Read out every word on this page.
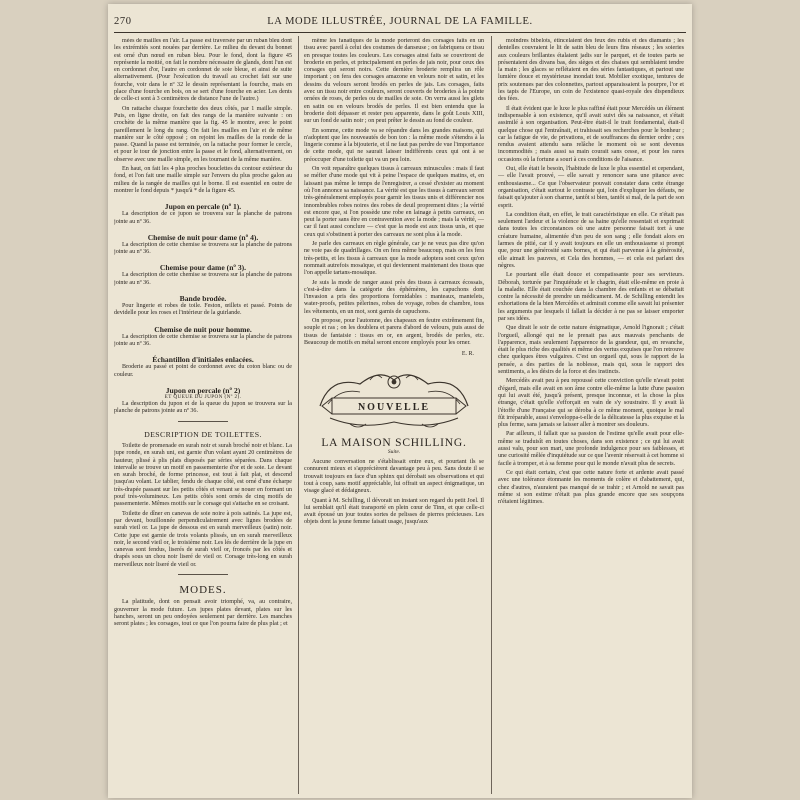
270	LA MODE ILLUSTRÉE, JOURNAL DE LA FAMILLE.

mées de mailles en l'air. La passe est traversée par un ruban bleu dont les extrémités sont nouées par derrière. Le milieu du devant du bonnet est orné d'un nœud en ruban bleu. Pour le fond, dont la figure 45 représente la moitié, on fait le nombre nécessaire de glands, dont l'un est en cordonnet d'or, l'autre en cordonnet de soie bleue, et ainsi de suite alternativement. (Pour l'exécution du travail au crochet fait sur une fourche, voir dans le nº 32 le dessin représentant la fourche, mais en place d'une fourche en bois, on se sert d'une fourche en acier. Les dents de celle-ci sont à 3 centimètres de distance l'une de l'autre.)

On rattache chaque fourchette des deux côtés, par 1 maille simple. Puis, en ligne droite, on fait des rangs de la manière suivante : on crochète de la même manière que la fig. 45 le montre, avec le point pareillement le long du rang. On fait les mailles en l'air et de même manière sur le côté opposé ; on rejoint les mailles de la ronde de la passe. Quand la passe est terminée, on la rattache pour former le cercle, et pour le tour de jonction entre la passe et le fond, alternativement, on observe avec une maille simple, en les tournant de la même manière.

En haut, on fait les 4 plus proches bouclettes du contour extérieur du fond, et l'on fait une maille simple sur l'envers du plus proche galon au milieu de la rangée de mailles qui le borne. Il est essentiel en outre de montrer le fond depuis * jusqu'à * de la figure 45.

Jupon en percale (nº 1).

La description de ce jupon se trouvera sur la planche de patrons jointe au nº 36.

Chemise de nuit pour dame (nº 4).

La description de cette chemise se trouvera sur la planche de patrons jointe au nº 36.

Chemise pour dame (nº 3).

La description de cette chemise se trouvera sur la planche de patrons jointe au nº 36.

Bande brodée.

Pour lingerie et robes de toile. Feston, œillets et passé. Points de devidelle pour les roses et l'intérieur de la guirlande.

Chemise de nuit pour homme.

La description de cette chemise se trouvera sur la planche de patrons jointe au nº 36.

Échantillon d'initiales enlacées.

Broderie au passé et point de cordonnet avec du coton blanc ou de couleur.

Jupon en percale (nº 2)
ET QUEUE DU JUPON (Nº 2).

La description du jupon et de la queue du jupon se trouvera sur la planche de patrons jointe au nº 36.

DESCRIPTION DE TOILETTES.

Toilette de promenade en surah noir et surah broché noir et blanc. La jupe ronde, en surah uni, est garnie d'un volant ayant 20 centimètres de hauteur, plissé à plis plats disposés par séries séparées. Dans chaque intervalle se trouve un motif en passementerie d'or et de soie. Le devant en surah broché, de forme princesse, est tout à fait plat, et descend jusqu'au volant. Le tablier, fendu de chaque côté, est orné d'une écharpe très-drapée passant sur les petits côtés et venant se nouer en formant un pouf très-volumineux. Les petits côtés sont ornés de cinq motifs de passementerie. Mêmes motifs sur le corsage qui s'attache en se croisant.

Toilette de dîner en canevas de soie noire à pois satinés. La jupe est, par devant, bouillonnée perpendiculairement avec lignes brodées de surah vieil or. La jupe de dessous est en surah merveilleux (satin) noir. Cette jupe est garnie de trois volants plissés, un en surah merveilleux noir, le second vieil or, le troisième noir. Les lés de derrière de la jupe en canevas sont fendus, liserés de surah vieil or, froncés par les côtés et drapés sous un chou noir liseré de vieil or. Corsage très-long en surah merveilleux noir liseré de vieil or.

MODES.

La platitude, dont on pensait avoir triomphé, va, au contraire, gouverner la mode future. Les jupes plates devant, plates sur les hanches, seront un peu ondoyées seulement par derrière. Les manches seront plates ; les corsages, tout ce que l'on pourra faire de plus plat ; et

même les fanatiques de la mode porteront des corsages faits en un tissu avec pareil à celui des costumes de danseuse ; on fabriquera ce tissu en presque toutes les couleurs. Les corsages ainsi faits se couvriront de broderie en perles, et principalement en perles de jais noir, pour ceux des corsages qui seront noirs. Cette dernière broderie remplira un rôle important ; on fera des corsages amazone en velours noir et satin, et les dessins du velours seront brodés en perles de jais. Les corsages, faits avec un tissu noir entre couleurs, seront couverts de broderies à la pointe ornées de roses, de perles ou de mailles de soie. On verra aussi les gilets en satin ou en velours brodés de perles. Il est bien entendu que la broderie doit dépasser et rester peu apparente, dans le goût Louis XIII, sur un fond de satin noir ; on peut prêter le dessin au fond de couleur.

En somme, cette mode va se répandre dans les grandes maisons, qui n'adoptent que les nouveautés de bon ton : la même mode s'étendra à la lingerie comme à la bijouterie, et il ne faut pas perdre de vue l'importance de cette mode, qui ne saurait laisser indifférents ceux qui ont à se préoccuper d'une toilette qui va un peu loin.

On voit reparaître quelques tissus à carreaux minuscules : mais il faut se méfier d'une mode qui vit à peine l'espace de quelques matins, et, en laissant pas même le temps de l'enregistrer, a cessé d'exister au moment où l'on annonce sa naissance. La vérité est que les tissus à carreaux seront très-généralement employés pour garnir les tissus unis et différencier nos innombrables robes noires des robes de deuil proprement dites ; la vérité est encore que, si l'on possède une robe en lainage à petits carreaux, on peut la porter sans être en contravention avec la mode ; mais la vérité, — car il faut aussi conclure — c'est que la mode est aux tissus unis, et que ceux qui s'obstinent à porter des carreaux ne sont plus à la mode.

Je parle des carreaux en règle générale, car je ne veux pas dire qu'on ne voie pas de quadrillages. On en fera même beaucoup, mais on les fera très-petits, et les tissus à carreaux que la mode adoptera sont ceux qu'on nommait autrefois mosaïque, et qui deviennent maintenant des tissus que l'on appelle tartans-mosaïque.

Je suis la mode de ranger aussi près des tissus à carreaux écossais, c'est-à-dire dans la catégorie des éphémères, les capuchons dont l'invasion a pris des proportions formidables : manteaux, mantelets, water-proofs, petites pèlerines, robes de voyage, robes de chambre, tous les vêtements, en un mot, sont garnis de capuchons.

On propose, pour l'automne, des chapeaux en feutre extrêmement fin, souple et ras ; on les doublera et parera d'abord de velours, puis aussi de tissus de fantaisie : tissus en or, en argent, brodés de perles, etc. Beaucoup de motifs en métal seront encore employés pour les orner.

E. R.
NOUVELLE
LA MAISON SCHILLING.
Suite.

Aucune conversation ne s'établissait entre eux, et pourtant ils se connurent mieux et s'apprécièrent davantage peu à peu. Sans doute il se trouvait toujours en face d'un sphinx qui dérobait ses observations et qui tout à coup, sans motif appréciable, lui offrait un aspect énigmatique, un visage glacé et dédaigneux.

Quant à M. Schilling, il dévorait un instant son regard du petit Joel. Il lui semblait qu'il était transporté en plein cœur de Tinn, et que celle-ci avait épousé un jour toutes sortes de pelisses de pierres précieuses. Les objets dont la jeune femme faisait usage, jusqu'aux

moindres bibelots, étincelaient des feux des rubis et des diamants ; les dentelles couvraient le lit de satin bleu de leurs fins réseaux ; les soieries aux couleurs brillantes étalaient jadis sur le parquet, et de toutes parts se présentaient des divans bas, des sièges et des chaises qui semblaient tendre la main ; les glaces se reflétaient en des séries fantastiques, et partout une lumière douce et mystérieuse inondait tout. Mobilier exotique, tentures de prix soutenues par des colonnettes, partout apparaissaient la pourpre, l'or et les tapis de l'Europe, un coin de l'existence quasi-royale des dispendieux des fées.

Il était évident que le luxe le plus raffiné était pour Mercédès un élément indispensable à son existence, qu'il avait suivi dès sa naissance, et s'était assimilé à son organisation. Peut-être était-il le trait fondamental, était-il quelque chose qui l'entraînait, et trahissait ses recherches pour le bonheur ; car la fatigue de vie, de privations, et de souffrances du dernier ordre ; ces rendus avaient attendu sans relâche le moment où se sont devenus incommodités ; mais aussi sa main courait sans cesse, et pour les rares occasions où la fortune a souri à ces conditions de l'aisance.

Oui, elle était le besoin, l'habitude de luxe le plus essentiel et cependant, — elle l'avait prouvé, — elle savait y renoncer sans une pitance avec enthousiasme... Ce que l'observateur pouvait constater dans cette étrange organisation, c'était surtout le contraste qui, loin d'expliquer les défauts, ne faisait qu'ajouter à son charme, tantôt si bien, tantôt si mal, de la part de son esprit.

La condition était, en effet, le trait caractéristique en elle. Ce n'était pas seulement l'ardeur et la violence de sa haine qu'elle ressentait et exprimait dans toutes les circonstances où une autre personne faisait tort à une créature humaine, alimentée d'un peu de son sang ; elle fondait alors en larmes de pitié, car il y avait toujours en elle un enthousiasme si prompt que, pour une générosité sans bornes, et qui était parvenue à la générosité, elle aimait les pauvres, et Cela des hommes, — et cela est parlant des nègres.

Le pourtant elle était douce et compatissante pour ses serviteurs. Déborah, torturée par l'inquiétude et le chagrin, était elle-même en proie à la maladie. Elle était couchée dans la chambre des enfants et se débattait contre la nécessité de prendre un médicament. M. de Schilling entendit les exhortations de la bien Mercédès et admirait comme elle savait lui présenter les arguments par lesquels il fallait la décider à ne pas se laisser emporter par ses idées.

Que dirait le soir de cette nature énigmatique, Arnold l'ignorait ; c'était l'orgueil, allongé qui ne le prenait pas aux mauvais penchants de l'apparence, mais seulement l'apparence de la grandeur, qui, en revanche, était le plus riche des qualités et même des vertus exquises que l'on retrouve chez quelques êtres vulgaires. C'est un orgueil qui, sous le rapport de la pensée, a des parties de la noblesse, mais qui, sous le rapport des sentiments, a les désirs de la force et des instincts.

Mercédès avait peu à peu repoussé cette conviction qu'elle n'avait point d'égard, mais elle avait en son âme contre elle-même la lutte d'une passion qui lui avait été, jusqu'à présent, presque inconnue, et la chose la plus étrange, c'était qu'elle s'efforçait en vain de s'y soustraire. Il y avait là l'étoffe d'une Française qui se déroba à ce même moment, quoique le mal fût irréparable, aussi s'enveloppa-t-elle de la délicatesse la plus exquise et la plus ferme, sans jamais se laisser aller à montrer ses douleurs.

Par ailleurs, il fallait que sa passion de l'estime qu'elle avait pour elle-même se traduisît en toutes choses, dans son existence ; ce qui lui avait aussi valu, pour son mari, une profonde indulgence pour ses faiblesses, et une curiosité mêlée d'inquiétude sur ce que l'avenir réservait à cet homme si facile à tromper, et à sa femme pour qui le monde n'avait plus de secrets.

Ce qui était certain, c'est que cette nature forte et ardente avait passé avec une tolérance étonnante les moments de colère et d'abattement, qui, chez d'autres, n'auraient pas manqué de se trahir ; et Arnold ne savait pas même si son estime n'était pas plus grande encore que ses soupçons n'étaient légitimes.
